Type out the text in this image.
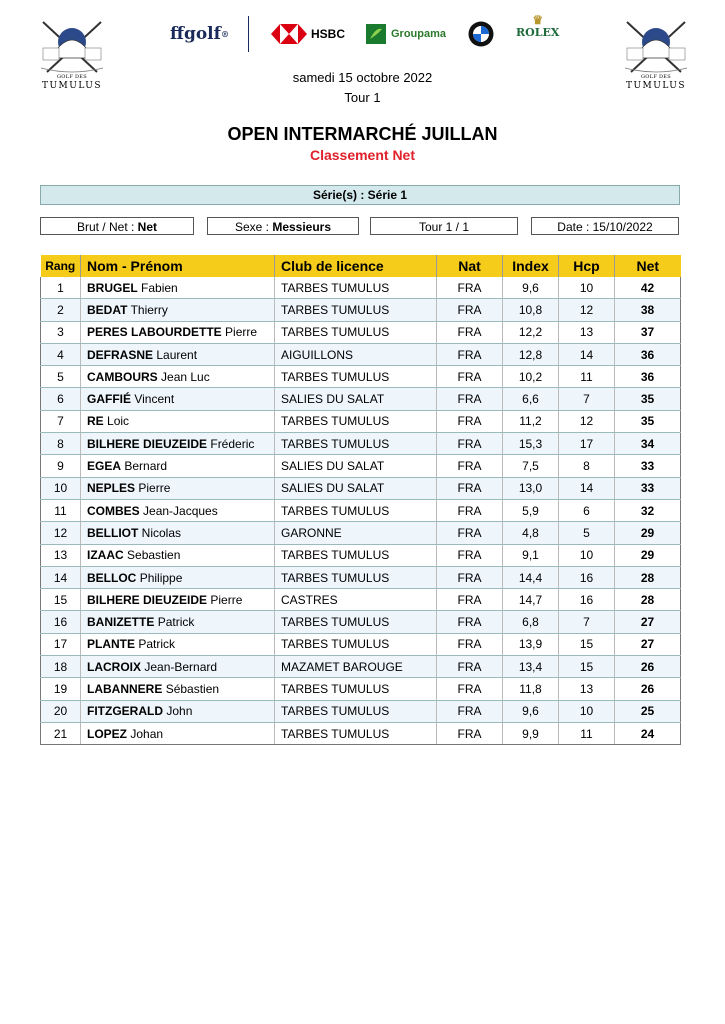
GOLF DES
TUMULUS
GOLF DES
TUMULUS
ffgolf ®	HSBC	Groupama
♛
ROLEX
samedi 15 octobre 2022
Tour 1
OPEN INTERMARCHÉ JUILLAN
Classement Net
Série(s) : Série 1
Brut / Net : Net	Sexe : Messieurs	Tour 1 / 1	Date : 15/10/2022
Rang	Nom - Prénom	Club de licence	Nat	Index	Hcp	Net
1	BRUGEL Fabien	TARBES TUMULUS	FRA	9,6	10	42
2	BEDAT Thierry	TARBES TUMULUS	FRA	10,8	12	38
3	PERES LABOURDETTE Pierre	TARBES TUMULUS	FRA	12,2	13	37
4	DEFRASNE Laurent	AIGUILLONS	FRA	12,8	14	36
5	CAMBOURS Jean Luc	TARBES TUMULUS	FRA	10,2	11	36
6	GAFFIÉ Vincent	SALIES DU SALAT	FRA	6,6	7	35
7	RE Loic	TARBES TUMULUS	FRA	11,2	12	35
8	BILHERE DIEUZEIDE Fréderic	TARBES TUMULUS	FRA	15,3	17	34
9	EGEA Bernard	SALIES DU SALAT	FRA	7,5	8	33
10	NEPLES Pierre	SALIES DU SALAT	FRA	13,0	14	33
11	COMBES Jean-Jacques	TARBES TUMULUS	FRA	5,9	6	32
12	BELLIOT Nicolas	GARONNE	FRA	4,8	5	29
13	IZAAC Sebastien	TARBES TUMULUS	FRA	9,1	10	29
14	BELLOC Philippe	TARBES TUMULUS	FRA	14,4	16	28
15	BILHERE DIEUZEIDE Pierre	CASTRES	FRA	14,7	16	28
16	BANIZETTE Patrick	TARBES TUMULUS	FRA	6,8	7	27
17	PLANTE Patrick	TARBES TUMULUS	FRA	13,9	15	27
18	LACROIX Jean-Bernard	MAZAMET BAROUGE	FRA	13,4	15	26
19	LABANNERE Sébastien	TARBES TUMULUS	FRA	11,8	13	26
20	FITZGERALD John	TARBES TUMULUS	FRA	9,6	10	25
21	LOPEZ Johan	TARBES TUMULUS	FRA	9,9	11	24
